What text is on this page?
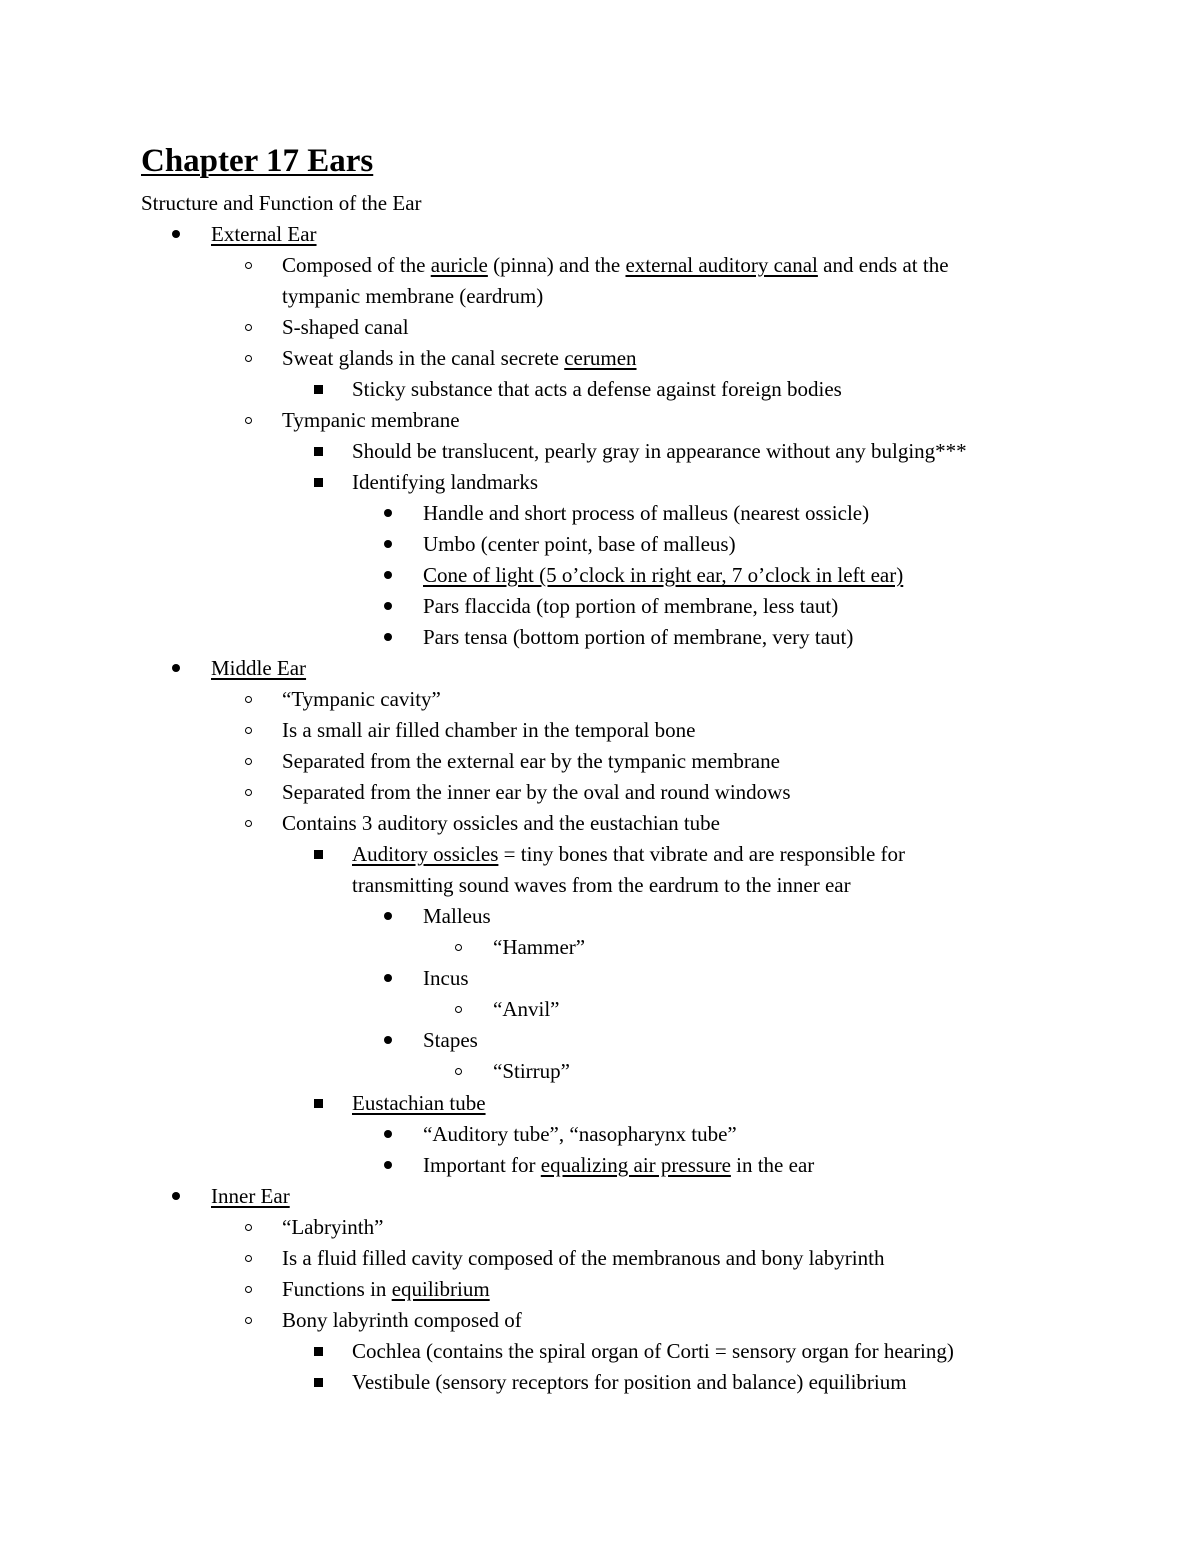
Chapter 17 Ears

Structure and Function of the Ear

External Ear
Composed of the auricle (pinna) and the external auditory canal and ends at the
tympanic membrane (eardrum)
S-shaped canal
Sweat glands in the canal secrete cerumen
Sticky substance that acts a defense against foreign bodies
Tympanic membrane
Should be translucent, pearly gray in appearance without any bulging***
Identifying landmarks
Handle and short process of malleus (nearest ossicle)
Umbo (center point, base of malleus)
Cone of light (5 o’clock in right ear, 7 o’clock in left ear)
Pars flaccida (top portion of membrane, less taut)
Pars tensa (bottom portion of membrane, very taut)
Middle Ear
“Tympanic cavity”
Is a small air filled chamber in the temporal bone
Separated from the external ear by the tympanic membrane
Separated from the inner ear by the oval and round windows
Contains 3 auditory ossicles and the eustachian tube
Auditory ossicles = tiny bones that vibrate and are responsible for
transmitting sound waves from the eardrum to the inner ear
Malleus
“Hammer”
Incus
“Anvil”
Stapes
“Stirrup”
Eustachian tube
“Auditory tube”, “nasopharynx tube”
Important for equalizing air pressure in the ear
Inner Ear
“Labryinth”
Is a fluid filled cavity composed of the membranous and bony labyrinth
Functions in equilibrium
Bony labyrinth composed of
Cochlea (contains the spiral organ of Corti = sensory organ for hearing)
Vestibule (sensory receptors for position and balance) equilibrium
